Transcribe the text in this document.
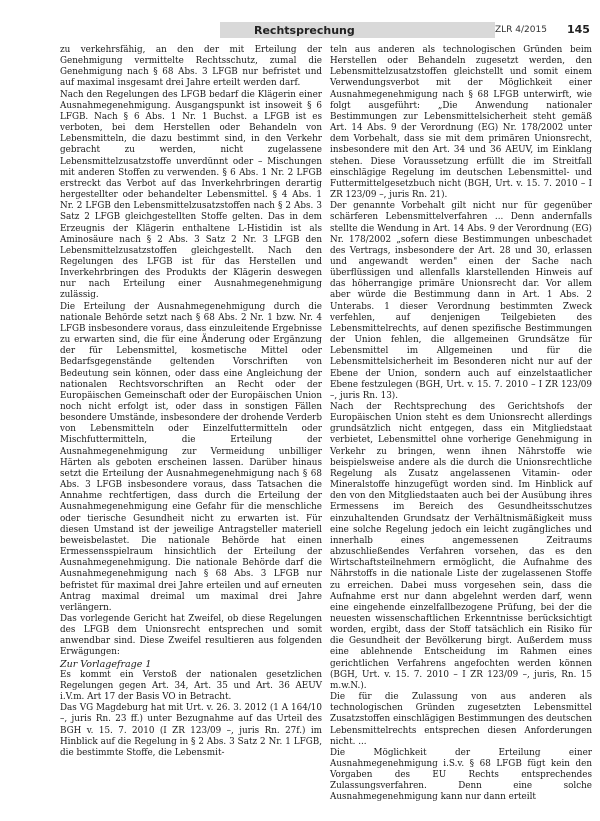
Rechtsprechung	ZLR 4/2015 145

zu verkehrsfähig, an den der mit Erteilung der Genehmigung vermittelte Rechtsschutz, zumal die Genehmigung nach § 68 Abs. 3 LFGB nur befristet und auf maximal insgesamt drei Jahre erteilt werden darf.

Nach den Regelungen des LFGB bedarf die Klägerin einer Ausnahmegenehmigung. Ausgangspunkt ist insoweit § 6 LFGB. Nach § 6 Abs. 1 Nr. 1 Buchst. a LFGB ist es verboten, bei dem Herstellen oder Behandeln von Lebensmitteln, die dazu bestimmt sind, in den Verkehr gebracht zu werden, nicht zugelassene Lebensmittelzusatzstoffe unverdünnt oder – Mischungen mit anderen Stoffen zu verwenden. § 6 Abs. 1 Nr. 2 LFGB erstreckt das Verbot auf das Inverkehrbringen derartig hergestellter oder behandelter Lebensmittel. § 4 Abs. 1 Nr. 2 LFGB den Lebensmittelzusatzstoffen nach § 2 Abs. 3 Satz 2 LFGB gleichgestellten Stoffe gelten. Das in dem Erzeugnis der Klägerin enthaltene L-Histidin ist als Aminosäure nach § 2 Abs. 3 Satz 2 Nr. 3 LFGB den Lebensmittelzusatzstoffen gleichgestellt. Nach den Regelungen des LFGB ist für das Herstellen und Inverkehrbringen des Produkts der Klägerin deswegen nur nach Erteilung einer Ausnahmegenehmigung zulässig.

Die Erteilung der Ausnahmegenehmigung durch die nationale Behörde setzt nach § 68 Abs. 2 Nr. 1 bzw. Nr. 4 LFGB insbesondere voraus, dass einzuleitende Ergebnisse zu erwarten sind, die für eine Änderung oder Ergänzung der für Lebensmittel, kosmetische Mittel oder Bedarfsgegenstände geltenden Vorschriften von Bedeutung sein können, oder dass eine Angleichung der nationalen Rechtsvorschriften an Recht oder der Europäischen Gemeinschaft oder der Europäischen Union noch nicht erfolgt ist, oder dass in sonstigen Fällen besondere Umstände, insbesondere der drohende Verderb von Lebensmitteln oder Einzelfuttermitteln oder Mischfuttermitteln, die Erteilung der Ausnahmegenehmigung zur Vermeidung unbilliger Härten als geboten erscheinen lassen. Darüber hinaus setzt die Erteilung der Ausnahmegenehmigung nach § 68 Abs. 3 LFGB insbesondere voraus, dass Tatsachen die Annahme rechtfertigen, dass durch die Erteilung der Ausnahmegenehmigung eine Gefahr für die menschliche oder tierische Gesundheit nicht zu erwarten ist. Für diesen Umstand ist der jeweilige Antragsteller materiell beweisbelastet. Die nationale Behörde hat einen Ermessensspielraum hinsichtlich der Erteilung der Ausnahmegenehmigung. Die nationale Behörde darf die Ausnahmegenehmigung nach § 68 Abs. 3 LFGB nur befristet für maximal drei Jahre erteilen und auf erneuten Antrag maximal dreimal um maximal drei Jahre verlängern.

Das vorlegende Gericht hat Zweifel, ob diese Regelungen des LFGB dem Unionsrecht entsprechen und somit anwendbar sind. Diese Zweifel resultieren aus folgenden Erwägungen:

Zur Vorlagefrage 1

Es kommt ein Verstoß der nationalen gesetzlichen Regelungen gegen Art. 34, Art. 35 und Art. 36 AEUV i.V.m. Art 17 der Basis VO in Betracht.

Das VG Magdeburg hat mit Urt. v. 26. 3. 2012 (1 A 164/10 –, juris Rn. 23 ff.) unter Bezugnahme auf das Urteil des BGH v. 15. 7. 2010 (I ZR 123/09 –, juris Rn. 27f.) im Hinblick auf die Regelung in § 2 Abs. 3 Satz 2 Nr. 1 LFGB, die bestimmte Stoffe, die Lebensmit-

teln aus anderen als technologischen Gründen beim Herstellen oder Behandeln zugesetzt werden, den Lebensmittelzusatzstoffen gleichstellt und somit einem Verwendungsverbot mit der Möglichkeit einer Ausnahmegenehmigung nach § 68 LFGB unterwirft, wie folgt ausgeführt: „Die Anwendung nationaler Bestimmungen zur Lebensmittelsicherheit steht gemäß Art. 14 Abs. 9 der Verordnung (EG) Nr. 178/2002 unter dem Vorbehalt, dass sie mit dem primären Unionsrecht, insbesondere mit den Art. 34 und 36 AEUV, im Einklang stehen. Diese Voraussetzung erfüllt die im Streitfall einschlägige Regelung im deutschen Lebensmittel- und Futtermittelgesetzbuch nicht (BGH, Urt. v. 15. 7. 2010 – I ZR 123/09 –, juris Rn. 21).

Der genannte Vorbehalt gilt nicht nur für gegenüber schärferen Lebensmittelverfahren ... Denn andernfalls stellte die Wendung in Art. 14 Abs. 9 der Verordnung (EG) Nr. 178/2002 „sofern diese Bestimmungen unbeschadet des Vertrags, insbesondere der Art. 28 und 30, erlassen und angewandt werden" einen der Sache nach überflüssigen und allenfalls klarstellenden Hinweis auf das höherrangige primäre Unionsrecht dar. Vor allem aber würde die Bestimmung dann in Art. 1 Abs. 2 Unterabs. 1 dieser Verordnung bestimmten Zweck verfehlen, auf denjenigen Teilgebieten des Lebensmittelrechts, auf denen spezifische Bestimmungen der Union fehlen, die allgemeinen Grundsätze für Lebensmittel im Allgemeinen und für die Lebensmittelsicherheit im Besonderen nicht nur auf der Ebene der Union, sondern auch auf einzelstaatlicher Ebene festzulegen (BGH, Urt. v. 15. 7. 2010 – I ZR 123/09 –, juris Rn. 13).

Nach der Rechtsprechung des Gerichtshofs der Europäischen Union steht es dem Unionsrecht allerdings grundsätzlich nicht entgegen, dass ein Mitgliedstaat verbietet, Lebensmittel ohne vorherige Genehmigung in Verkehr zu bringen, wenn ihnen Nährstoffe wie beispielsweise andere als die durch die Unionsrechtliche Regelung als Zusatz angelassenen Vitamin- oder Mineralstoffe hinzugefügt worden sind. Im Hinblick auf den von den Mitgliedstaaten auch bei der Ausübung ihres Ermessens im Bereich des Gesundheitsschutzes einzuhaltenden Grundsatz der Verhältnismäßigkeit muss eine solche Regelung jedoch ein leicht zugängliches und innerhalb eines angemessenen Zeitraums abzuschließendes Verfahren vorsehen, das es den Wirtschaftsteilnehmern ermöglicht, die Aufnahme des Nährstoffs in die nationale Liste der zugelassenen Stoffe zu erreichen. Dabei muss vorgesehen sein, dass die Aufnahme erst nur dann abgelehnt werden darf, wenn eine eingehende einzelfallbezogene Prüfung, bei der die neuesten wissenschaftlichen Erkenntnisse berücksichtigt worden, ergibt, dass der Stoff tatsächlich ein Risiko für die Gesundheit der Bevölkerung birgt. Außerdem muss eine ablehnende Entscheidung im Rahmen eines gerichtlichen Verfahrens angefochten werden können (BGH, Urt. v. 15. 7. 2010 – I ZR 123/09 –, juris, Rn. 15 m.w.N.).

Die für die Zulassung von aus anderen als technologischen Gründen zugesetzten Lebensmittel Zusatzstoffen einschlägigen Bestimmungen des deutschen Lebensmittelrechts entsprechen diesen Anforderungen nicht. ...

Die Möglichkeit der Erteilung einer Ausnahmegenehmigung i.S.v. § 68 LFGB fügt kein den Vorgaben des EU Rechts entsprechendes Zulassungsverfahren. Denn eine solche Ausnahmegenehmigung kann nur dann erteilt
